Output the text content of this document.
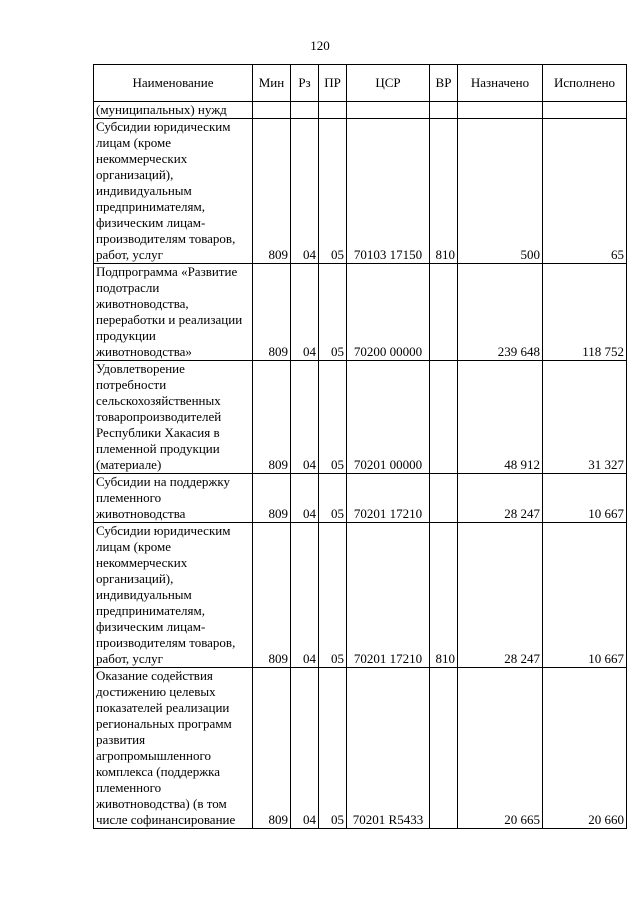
120
Наименование	Мин	Рз	ПР	ЦСР	ВР	Назначено	Исполнено
(муниципальных) нужд							
Субсидии юридическим лицам (кроме некоммерческих организаций), индивидуальным предпринимателям, физическим лицам-производителям товаров, работ, услуг	809	04	05	70103 17150	810	500	65
Подпрограмма «Развитие подотрасли животноводства, переработки и реализации продукции животноводства»	809	04	05	70200 00000		239 648	118 752
Удовлетворение потребности сельскохозяйственных товаропроизводителей Республики Хакасия в племенной продукции (материале)	809	04	05	70201 00000		48 912	31 327
Субсидии на поддержку племенного животноводства	809	04	05	70201 17210		28 247	10 667
Субсидии юридическим лицам (кроме некоммерческих организаций), индивидуальным предпринимателям, физическим лицам-производителям товаров, работ, услуг	809	04	05	70201 17210	810	28 247	10 667
Оказание содействия достижению целевых показателей реализации региональных программ развития агропромышленного комплекса (поддержка племенного животноводства) (в том числе софинансирование	809	04	05	70201 R5433		20 665	20 660
